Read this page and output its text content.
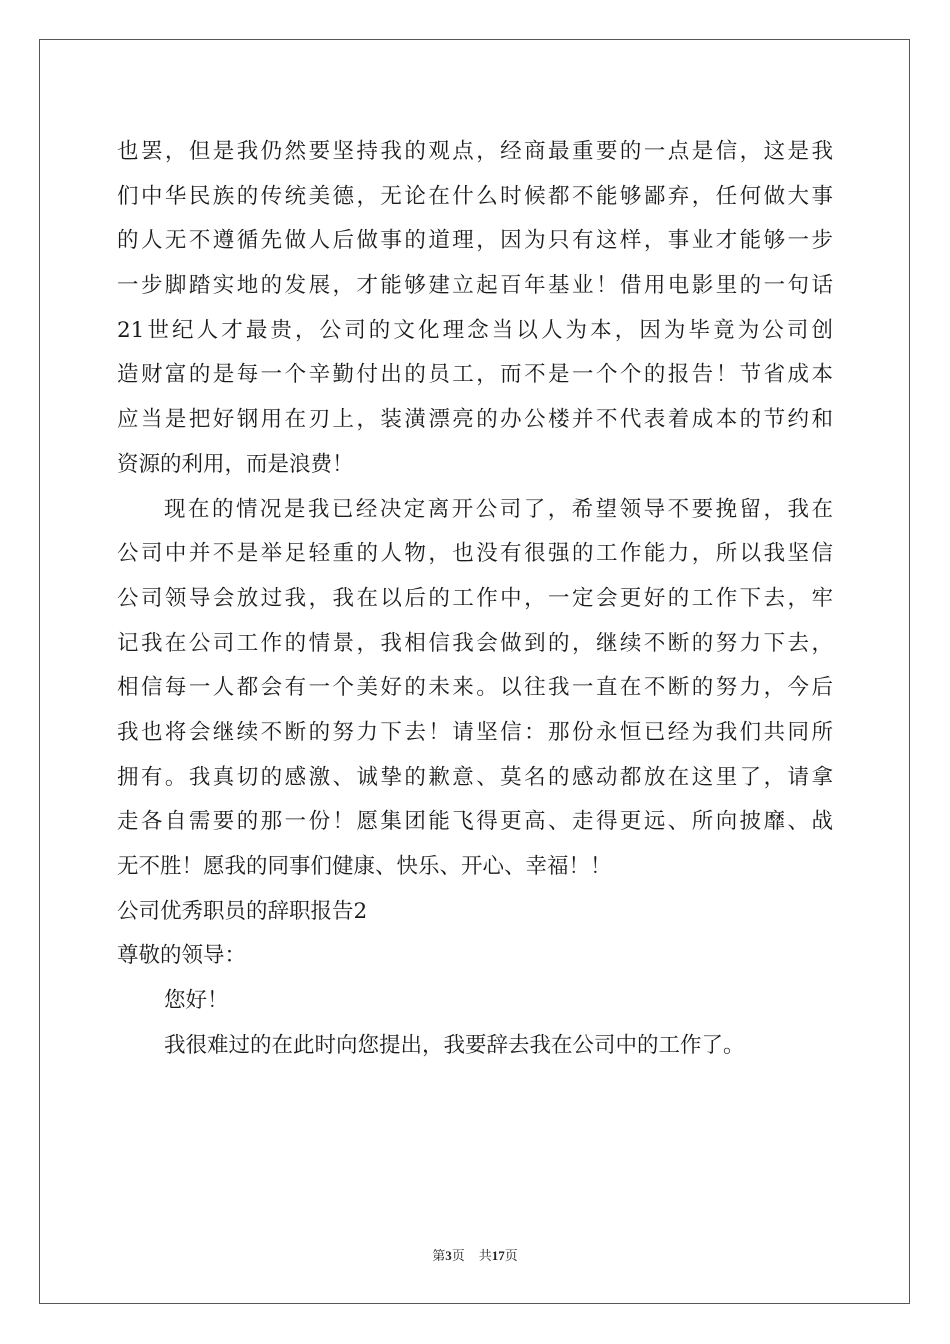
也罢，但是我仍然要坚持我的观点，经商最重要的一点是信，这是我
们中华民族的传统美德，无论在什么时候都不能够鄙弃，任何做大事
的人无不遵循先做人后做事的道理，因为只有这样，事业才能够一步
一步脚踏实地的发展，才能够建立起百年基业！借用电影里的一句话
21世纪人才最贵，公司的文化理念当以人为本，因为毕竟为公司创
造财富的是每一个辛勤付出的员工，而不是一个个的报告！节省成本
应当是把好钢用在刃上，装潢漂亮的办公楼并不代表着成本的节约和
资源的利用，而是浪费！
现在的情况是我已经决定离开公司了，希望领导不要挽留，我在
公司中并不是举足轻重的人物，也没有很强的工作能力，所以我坚信
公司领导会放过我，我在以后的工作中，一定会更好的工作下去，牢
记我在公司工作的情景，我相信我会做到的，继续不断的努力下去，
相信每一人都会有一个美好的未来。以往我一直在不断的努力，今后
我也将会继续不断的努力下去！请坚信：那份永恒已经为我们共同所
拥有。我真切的感激、诚挚的歉意、莫名的感动都放在这里了，请拿
走各自需要的那一份！愿集团能飞得更高、走得更远、所向披靡、战
无不胜！愿我的同事们健康、快乐、开心、幸福！！
公司优秀职员的辞职报告2
尊敬的领导：
您好！
我很难过的在此时向您提出，我要辞去我在公司中的工作了。
第3页 共17页
